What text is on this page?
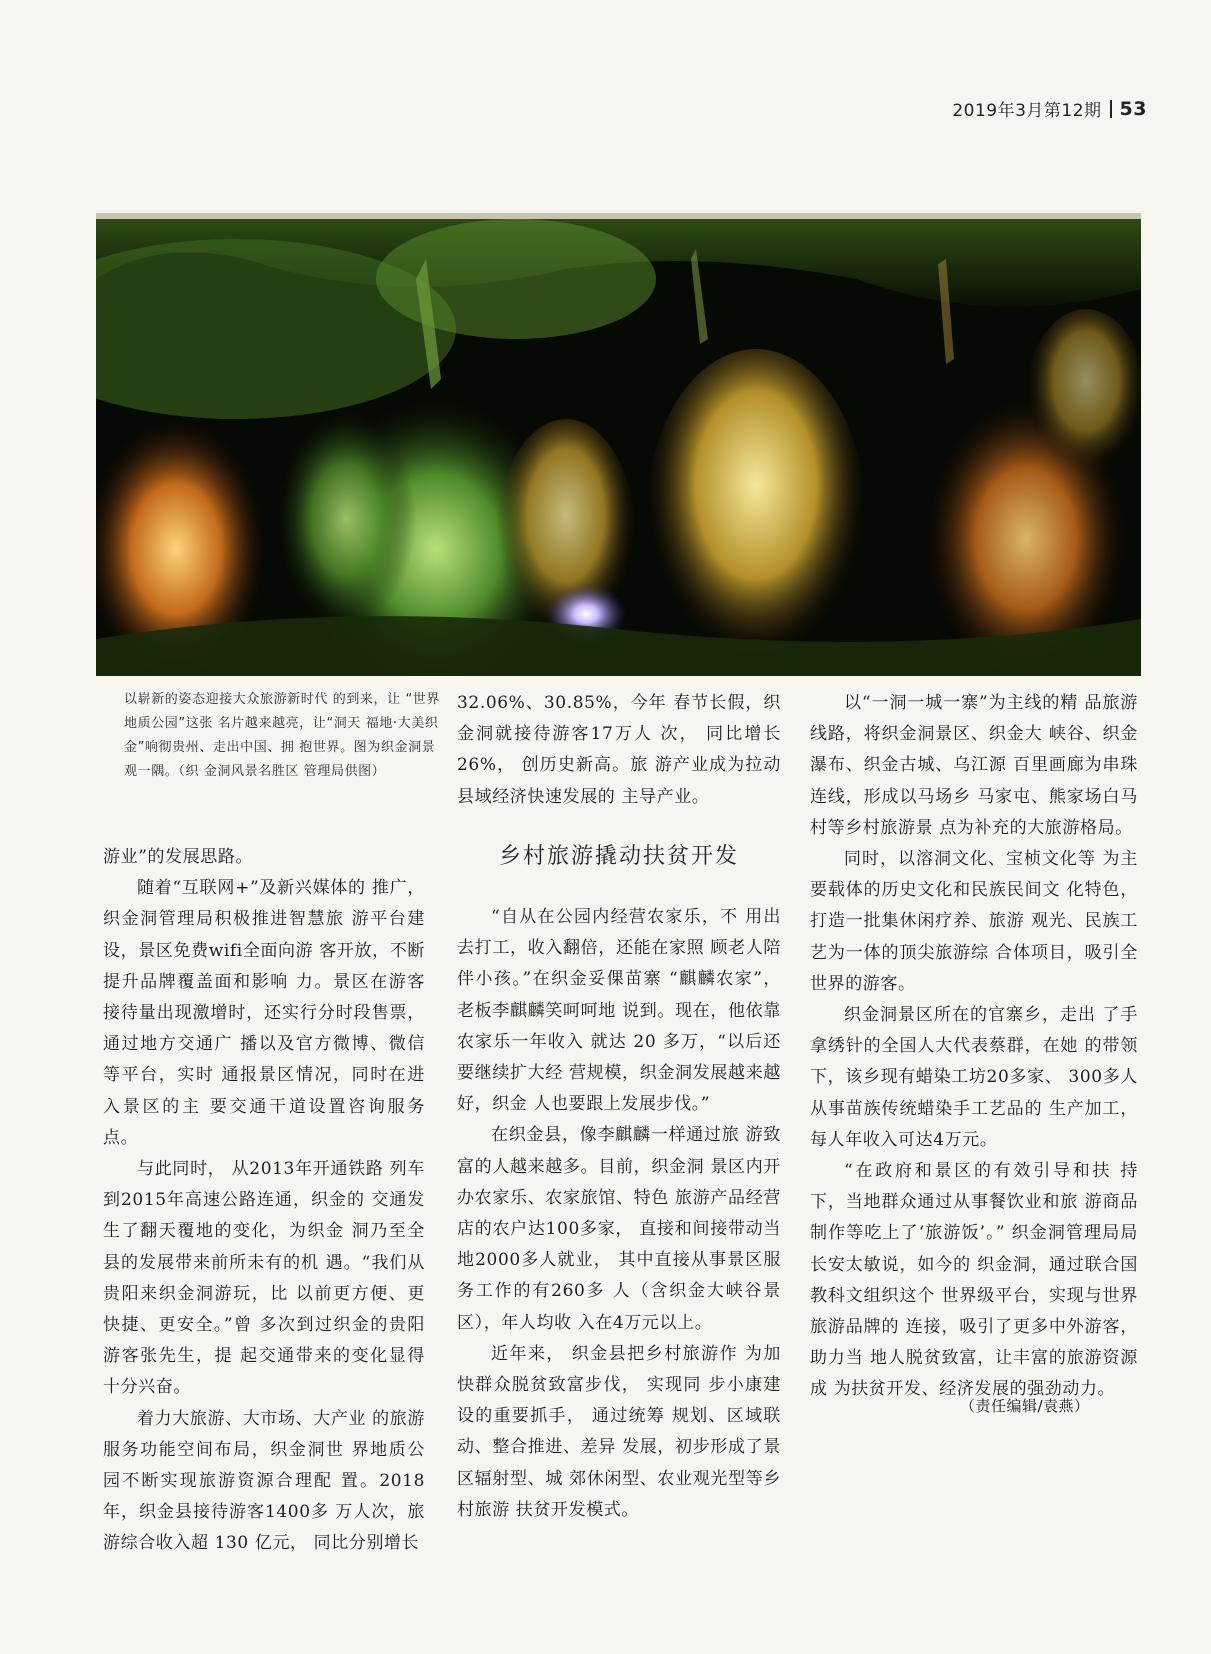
2019年3月第12期 53
以崭新的姿态迎接大众旅游新时代 的到来，让 “世界地质公园”这张 名片越来越亮，让“洞天 福地·大美织金”响彻贵州、走出中国、拥 抱世界。图为织金洞景观一隅。（织 金洞风景名胜区 管理局供图）

游业”的发展思路。

随着“互联网+”及新兴媒体的 推广，织金洞管理局积极推进智慧旅 游平台建设，景区免费wifi全面向游 客开放，不断提升品牌覆盖面和影响 力。景区在游客接待量出现激增时，还实行分时段售票，通过地方交通广 播以及官方微博、微信等平台，实时 通报景区情况，同时在进入景区的主 要交通干道设置咨询服务点。

与此同时， 从2013年开通铁路 列车到2015年高速公路连通，织金的 交通发生了翻天覆地的变化，为织金 洞乃至全县的发展带来前所未有的机 遇。“我们从贵阳来织金洞游玩，比 以前更方便、更快捷、更安全。”曾 多次到过织金的贵阳游客张先生，提 起交通带来的变化显得十分兴奋。

着力大旅游、大市场、大产业 的旅游服务功能空间布局，织金洞世 界地质公园不断实现旅游资源合理配 置。2018年，织金县接待游客1400多 万人次，旅游综合收入超 130 亿元， 同比分别增长

32.06%、30.85%，今年 春节长假，织金洞就接待游客17万人 次， 同比增长26%， 创历史新高。旅 游产业成为拉动县域经济快速发展的 主导产业。

乡村旅游撬动扶贫开发

“自从在公园内经营农家乐，不 用出去打工，收入翻倍，还能在家照 顾老人陪伴小孩。”在织金妥倮苗寨 “麒麟农家”，老板李麒麟笑呵呵地 说到。现在，他依靠农家乐一年收入 就达 20 多万，“以后还要继续扩大经 营规模，织金洞发展越来越好，织金 人也要跟上发展步伐。”

在织金县，像李麒麟一样通过旅 游致富的人越来越多。目前，织金洞 景区内开办农家乐、农家旅馆、特色 旅游产品经营店的农户达100多家， 直接和间接带动当地2000多人就业， 其中直接从事景区服务工作的有260多 人（含织金大峡谷景区），年人均收 入在4万元以上。

近年来， 织金县把乡村旅游作 为加快群众脱贫致富步伐， 实现同 步小康建设的重要抓手， 通过统筹 规划、区域联动、整合推进、差异 发展，初步形成了景区辐射型、城 郊休闲型、农业观光型等乡村旅游 扶贫开发模式。

以“一洞一城一寨”为主线的精 品旅游线路，将织金洞景区、织金大 峡谷、织金瀑布、织金古城、乌江源 百里画廊为串珠连线，形成以马场乡 马家屯、熊家场白马村等乡村旅游景 点为补充的大旅游格局。

同时，以溶洞文化、宝桢文化等 为主要载体的历史文化和民族民间文 化特色，打造一批集休闲疗养、旅游 观光、民族工艺为一体的顶尖旅游综 合体项目，吸引全世界的游客。

织金洞景区所在的官寨乡，走出 了手拿绣针的全国人大代表蔡群，在她 的带领下，该乡现有蜡染工坊20多家、 300多人从事苗族传统蜡染手工艺品的 生产加工，每人年收入可达4万元。

“在政府和景区的有效引导和扶 持下，当地群众通过从事餐饮业和旅 游商品制作等吃上了‘旅游饭’。” 织金洞管理局局长安太敏说，如今的 织金洞，通过联合国教科文组织这个 世界级平台，实现与世界旅游品牌的 连接，吸引了更多中外游客，助力当 地人脱贫致富，让丰富的旅游资源成 为扶贫开发、经济发展的强劲动力。

（责任编辑/袁燕）
